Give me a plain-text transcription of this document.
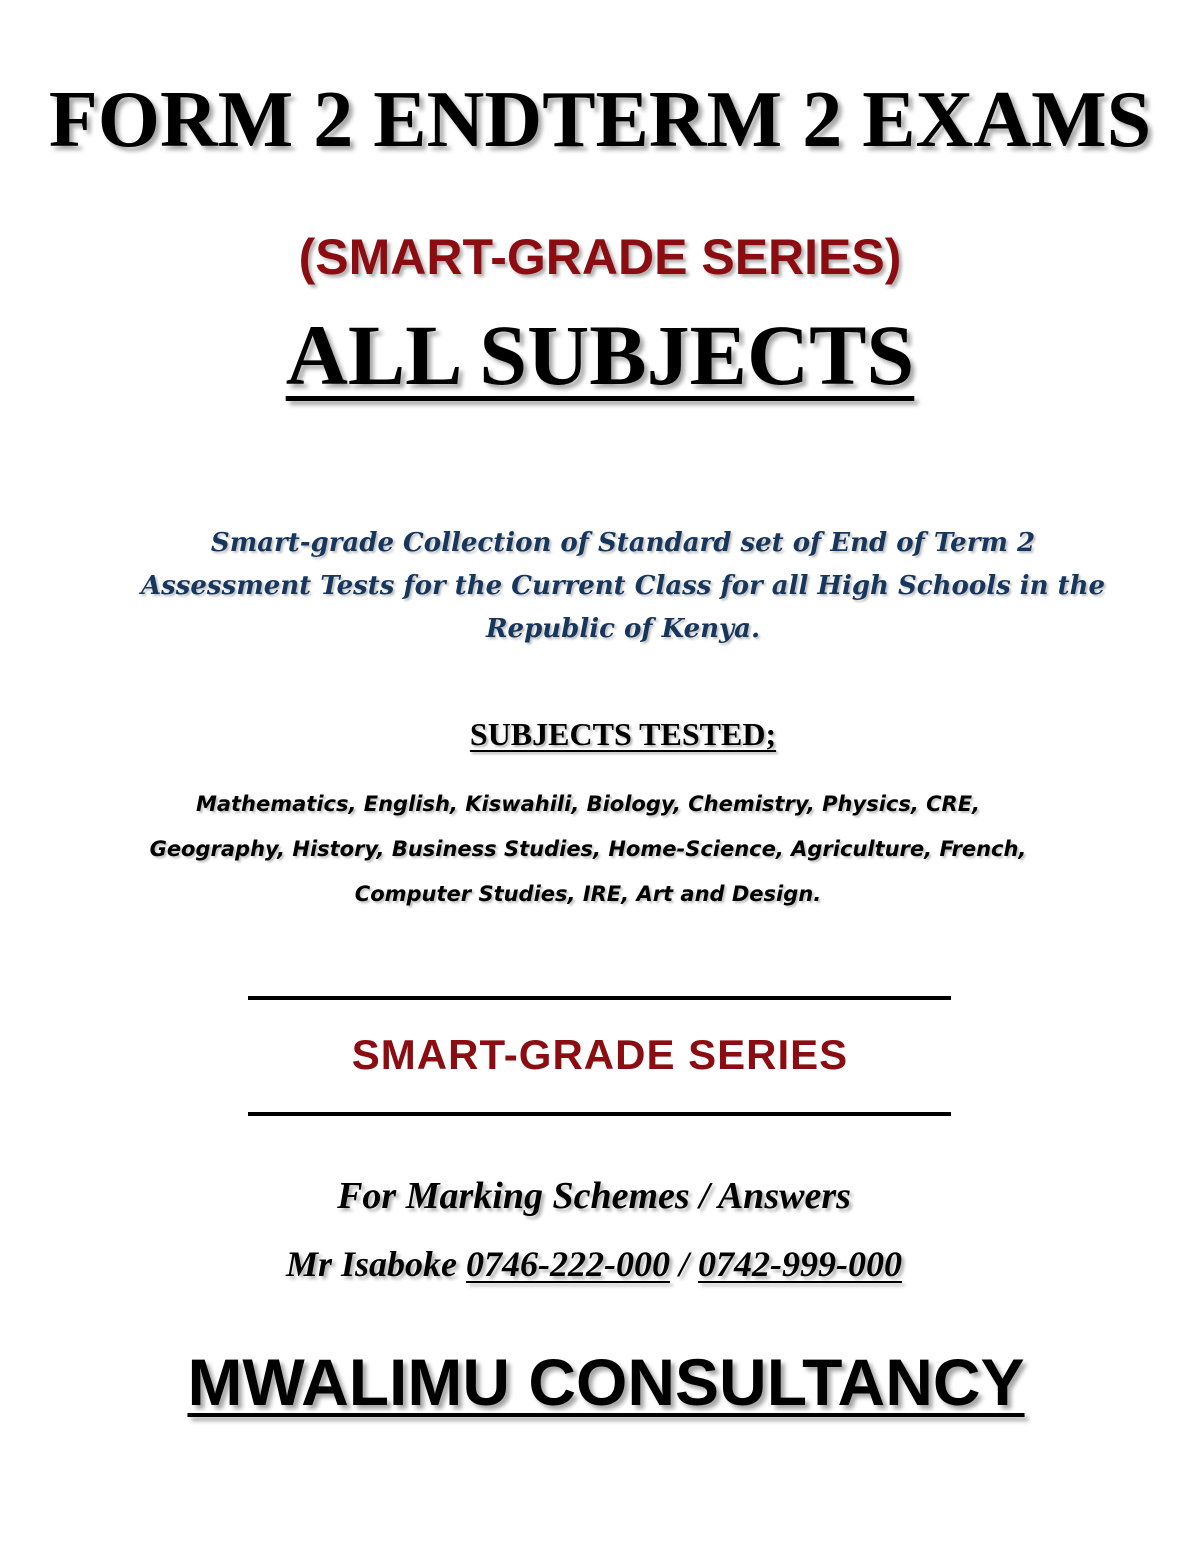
FORM 2 ENDTERM 2 EXAMS
(SMART-GRADE SERIES)
ALL SUBJECTS
Smart-grade Collection of Standard set of End of Term 2 Assessment Tests for the Current Class for all High Schools in the Republic of Kenya.
SUBJECTS TESTED;
Mathematics, English, Kiswahili, Biology, Chemistry, Physics, CRE, Geography, History, Business Studies, Home-Science, Agriculture, French, Computer Studies, IRE, Art and Design.
SMART-GRADE SERIES
For Marking Schemes / Answers
Mr Isaboke 0746-222-000 / 0742-999-000
MWALIMU CONSULTANCY
